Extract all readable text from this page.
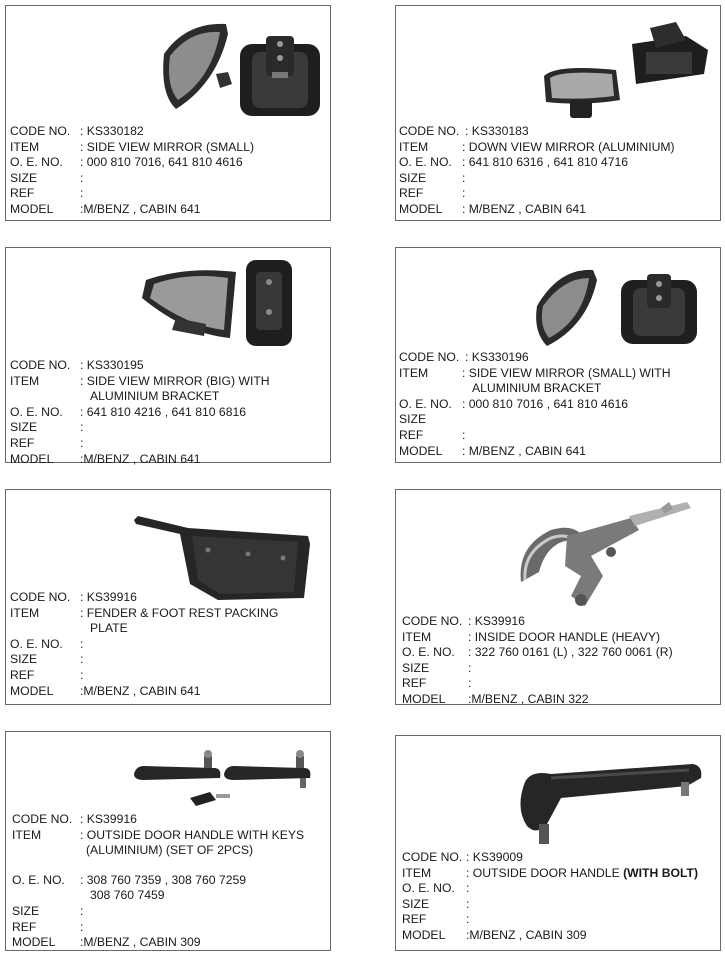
CODE NO. : KS330182
ITEM	: SIDE VIEW MIRROR (SMALL)
O. E. NO. : 000 810 7016, 641 810 4616
SIZE	:
REF	:
MODEL :M/BENZ , CABIN 641
CODE NO. : KS330183
ITEM	: DOWN VIEW MIRROR (ALUMINIUM)
O. E. NO. : 641 810 6316 , 641 810 4716
SIZE	:
REF	:
MODEL : M/BENZ , CABIN 641
CODE NO. : KS330195
ITEM	: SIDE VIEW MIRROR (BIG) WITH
ALUMINIUM BRACKET
O. E. NO. : 641 810 4216 , 641 810 6816
SIZE	:
REF	:
MODEL :M/BENZ , CABIN 641
CODE NO. : KS330196
ITEM	: SIDE VIEW MIRROR (SMALL) WITH
ALUMINIUM BRACKET
O. E. NO. : 000 810 7016 , 641 810 4616
SIZE
REF	:
MODEL : M/BENZ , CABIN 641
CODE NO. : KS39916
ITEM	: FENDER & FOOT REST PACKING
PLATE
O. E. NO. :
SIZE	:
REF	:
MODEL :M/BENZ , CABIN 641
CODE NO. : KS39916
ITEM	: INSIDE DOOR HANDLE (HEAVY)
O. E. NO. : 322 760 0161 (L) , 322 760 0061 (R)
SIZE	:
REF	:
MODEL :M/BENZ , CABIN 322
CODE NO. : KS39916
ITEM	: OUTSIDE DOOR HANDLE WITH KEYS
(ALUMINIUM) (SET OF 2PCS)
O. E. NO. : 308 760 7359 , 308 760 7259
308 760 7459
SIZE	:
REF	:
MODEL :M/BENZ , CABIN 309
CODE NO. : KS39009
ITEM	: OUTSIDE DOOR HANDLE (WITH BOLT)
O. E. NO. :
SIZE	:
REF	:
MODEL :M/BENZ , CABIN 309
